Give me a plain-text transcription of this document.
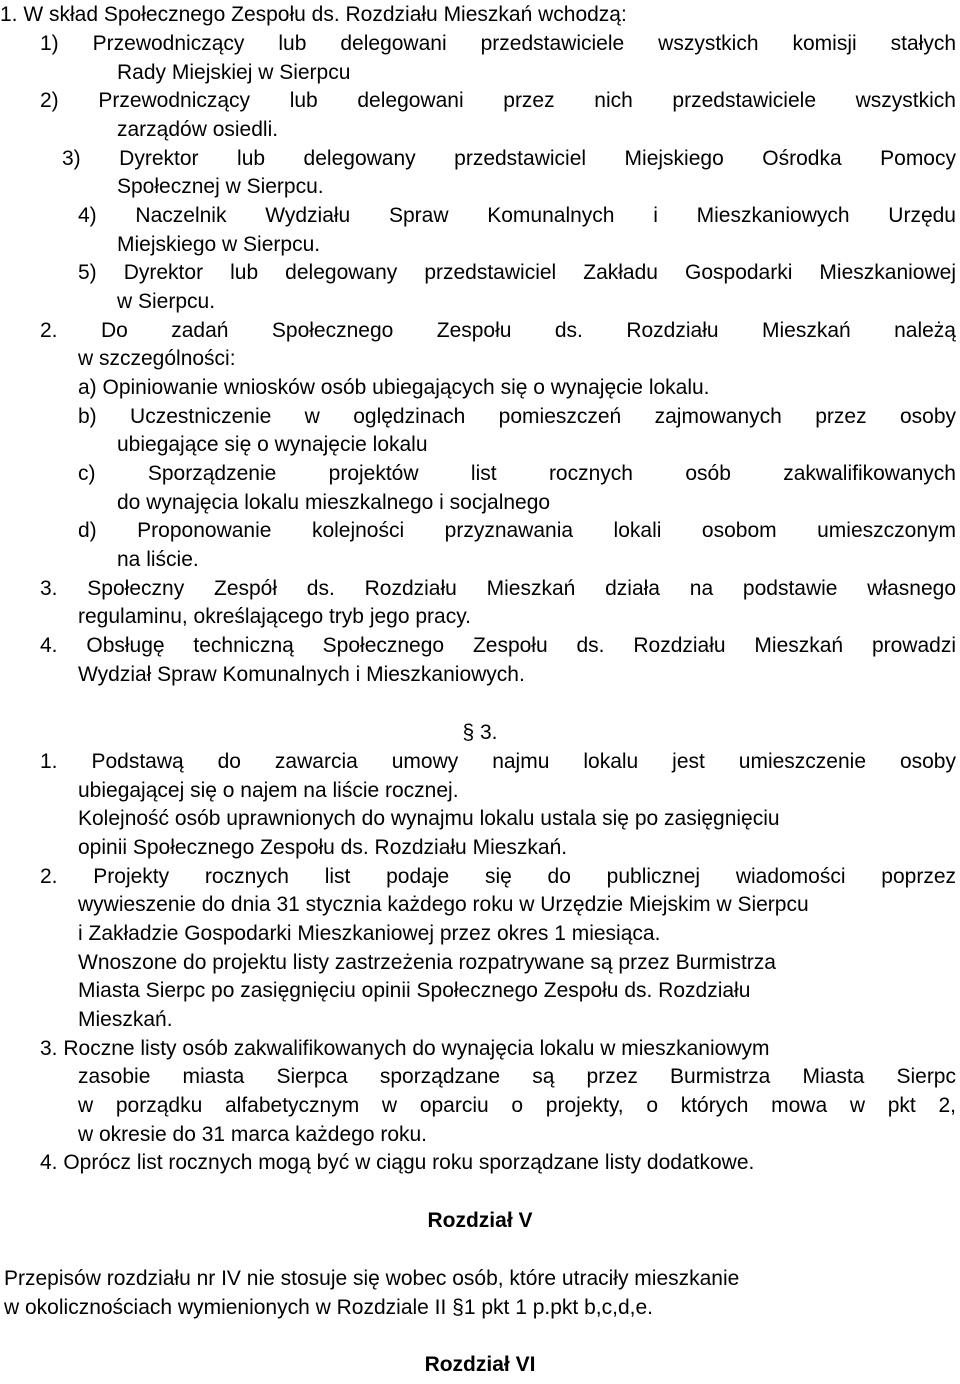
1. W skład Społecznego Zespołu ds. Rozdziału Mieszkań wchodzą:
1) Przewodniczący lub delegowani przedstawiciele wszystkich komisji stałych
Rady Miejskiej w Sierpcu
2) Przewodniczący lub delegowani przez nich przedstawiciele wszystkich
zarządów osiedli.
3) Dyrektor lub delegowany przedstawiciel Miejskiego Ośrodka Pomocy
Społecznej w Sierpcu.
4) Naczelnik Wydziału Spraw Komunalnych i Mieszkaniowych Urzędu
Miejskiego w Sierpcu.
5) Dyrektor lub delegowany przedstawiciel Zakładu Gospodarki Mieszkaniowej
w Sierpcu.
2. Do zadań Społecznego Zespołu ds. Rozdziału Mieszkań należą
w szczególności:
a) Opiniowanie wniosków osób ubiegających się o wynajęcie lokalu.
b) Uczestniczenie w oględzinach pomieszczeń zajmowanych przez osoby
ubiegające się o wynajęcie lokalu
c) Sporządzenie projektów list rocznych osób zakwalifikowanych
do wynajęcia lokalu mieszkalnego i socjalnego
d) Proponowanie kolejności przyznawania lokali osobom umieszczonym
na liście.
3. Społeczny Zespół ds. Rozdziału Mieszkań działa na podstawie własnego
regulaminu, określającego tryb jego pracy.
4. Obsługę techniczną Społecznego Zespołu ds. Rozdziału Mieszkań prowadzi
Wydział Spraw Komunalnych i Mieszkaniowych.
§ 3.
1. Podstawą do zawarcia umowy najmu lokalu jest umieszczenie osoby
ubiegającej się o najem na liście rocznej.
Kolejność osób uprawnionych do wynajmu lokalu ustala się po zasięgnięciu
opinii Społecznego Zespołu ds. Rozdziału Mieszkań.
2. Projekty rocznych list podaje się do publicznej wiadomości poprzez
wywieszenie do dnia 31 stycznia każdego roku w Urzędzie Miejskim w Sierpcu
i Zakładzie Gospodarki Mieszkaniowej przez okres 1 miesiąca.
Wnoszone do projektu listy zastrzeżenia rozpatrywane są przez Burmistrza
Miasta Sierpc po zasięgnięciu opinii Społecznego Zespołu ds. Rozdziału
Mieszkań.
3. Roczne listy osób zakwalifikowanych do wynajęcia lokalu w mieszkaniowym
zasobie miasta Sierpca sporządzane są przez Burmistrza Miasta Sierpc
w porządku alfabetycznym w oparciu o projekty, o których mowa w pkt 2,
w okresie do 31 marca każdego roku.
4. Oprócz list rocznych mogą być w ciągu roku sporządzane listy dodatkowe.
Rozdział V
Przepisów rozdziału nr IV nie stosuje się wobec osób, które utraciły mieszkanie
w okolicznościach wymienionych w Rozdziale II §1 pkt 1 p.pkt b,c,d,e.
Rozdział VI
